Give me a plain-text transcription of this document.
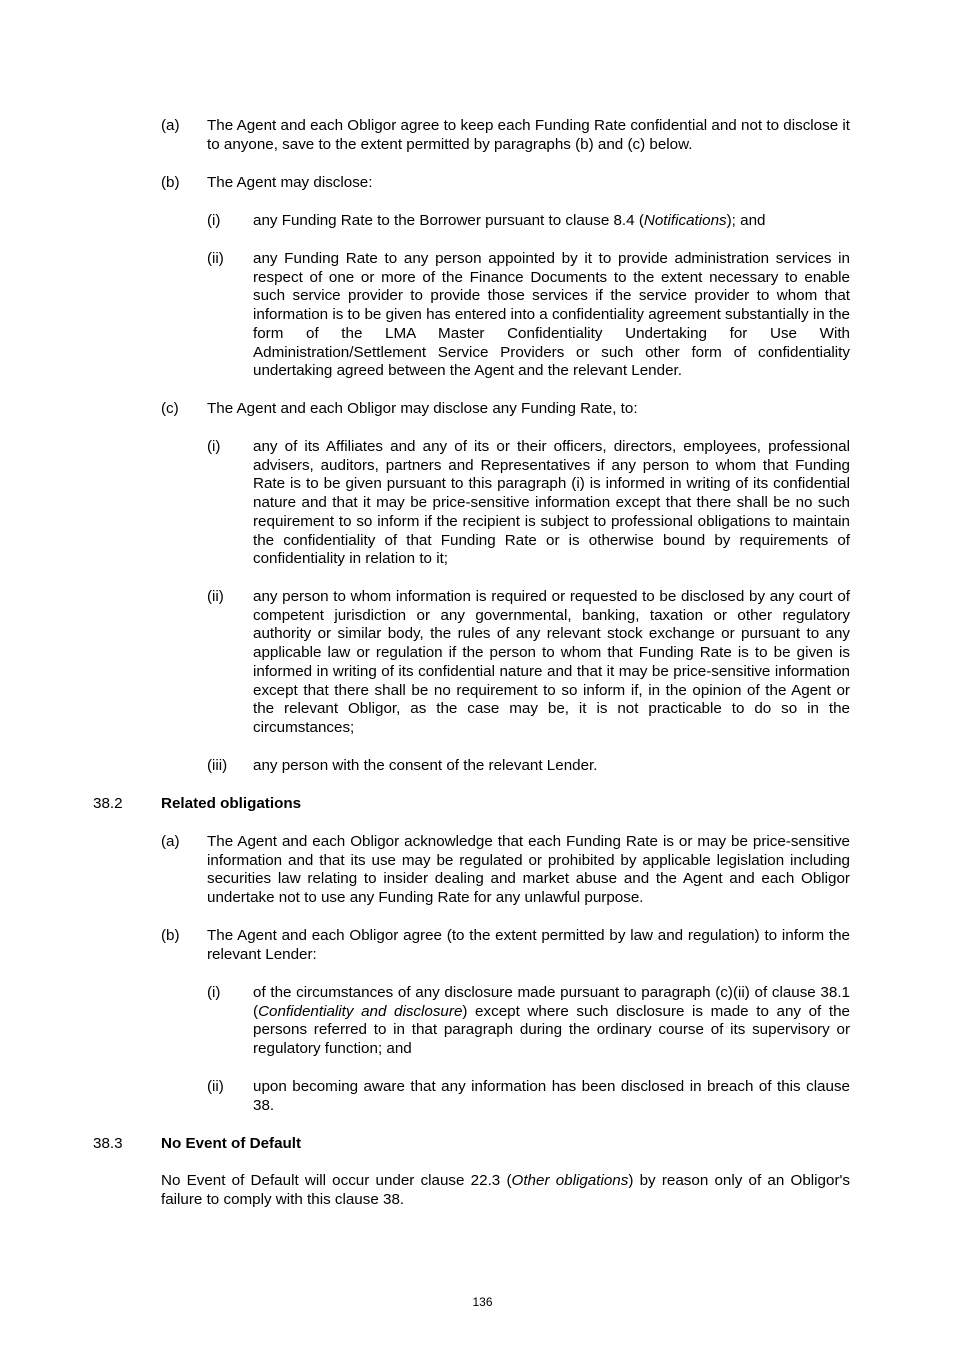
(a) The Agent and each Obligor agree to keep each Funding Rate confidential and not to disclose it to anyone, save to the extent permitted by paragraphs (b) and (c) below.

(b) The Agent may disclose:

(i) any Funding Rate to the Borrower pursuant to clause 8.4 (Notifications); and

(ii) any Funding Rate to any person appointed by it to provide administration services in respect of one or more of the Finance Documents to the extent necessary to enable such service provider to provide those services if the service provider to whom that information is to be given has entered into a confidentiality agreement substantially in the form of the LMA Master Confidentiality Undertaking for Use With Administration/Settlement Service Providers or such other form of confidentiality undertaking agreed between the Agent and the relevant Lender.

(c) The Agent and each Obligor may disclose any Funding Rate, to:

(i) any of its Affiliates and any of its or their officers, directors, employees, professional advisers, auditors, partners and Representatives if any person to whom that Funding Rate is to be given pursuant to this paragraph (i) is informed in writing of its confidential nature and that it may be price-sensitive information except that there shall be no such requirement to so inform if the recipient is subject to professional obligations to maintain the confidentiality of that Funding Rate or is otherwise bound by requirements of confidentiality in relation to it;

(ii) any person to whom information is required or requested to be disclosed by any court of competent jurisdiction or any governmental, banking, taxation or other regulatory authority or similar body, the rules of any relevant stock exchange or pursuant to any applicable law or regulation if the person to whom that Funding Rate is to be given is informed in writing of its confidential nature and that it may be price-sensitive information except that there shall be no requirement to so inform if, in the opinion of the Agent or the relevant Obligor, as the case may be, it is not practicable to do so in the circumstances;

(iii) any person with the consent of the relevant Lender.

38.2	Related obligations

(a) The Agent and each Obligor acknowledge that each Funding Rate is or may be price-sensitive information and that its use may be regulated or prohibited by applicable legislation including securities law relating to insider dealing and market abuse and the Agent and each Obligor undertake not to use any Funding Rate for any unlawful purpose.

(b) The Agent and each Obligor agree (to the extent permitted by law and regulation) to inform the relevant Lender:

(i) of the circumstances of any disclosure made pursuant to paragraph (c)(ii) of clause 38.1 (Confidentiality and disclosure) except where such disclosure is made to any of the persons referred to in that paragraph during the ordinary course of its supervisory or regulatory function; and

(ii) upon becoming aware that any information has been disclosed in breach of this clause 38.

38.3	No Event of Default

No Event of Default will occur under clause 22.3 (Other obligations) by reason only of an Obligor's failure to comply with this clause 38.

136
